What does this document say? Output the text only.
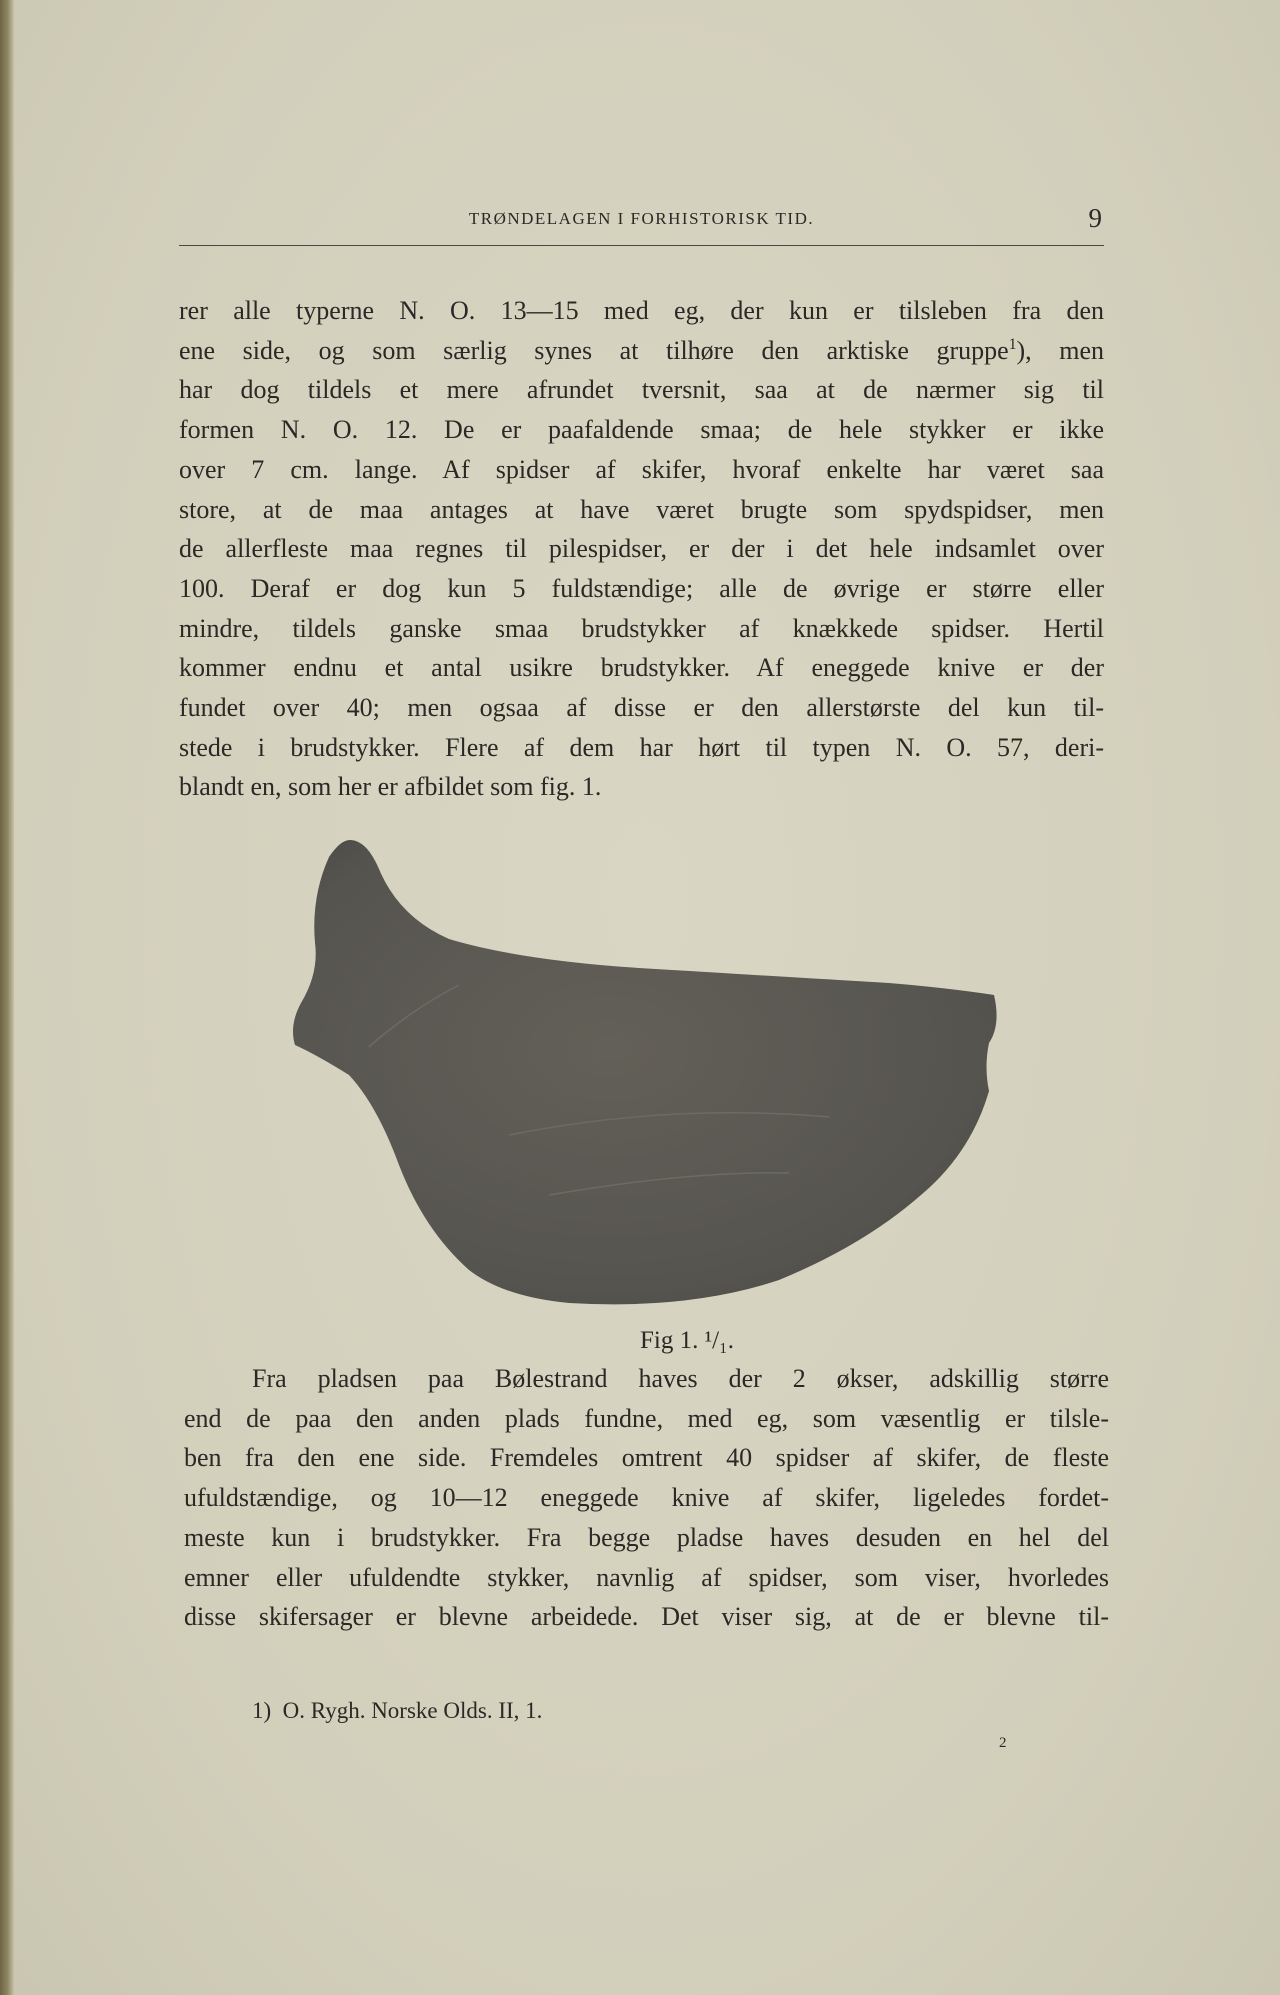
TRØNDELAGEN I FORHISTORISK TID.	9

rer alle typerne N. O. 13—15 med eg, der kun er tilsleben fra den
ene side, og som særlig synes at tilhøre den arktiske gruppe$^1$), men
har dog tildels et mere afrundet tversnit, saa at de nærmer sig til
formen N. O. 12. De er paafaldende smaa; de hele stykker er ikke
over 7 cm. lange. Af spidser af skifer, hvoraf enkelte har været saa
store, at de maa antages at have været brugte som spydspidser, men
de allerfleste maa regnes til pilespidser, er der i det hele indsamlet over
100. Deraf er dog kun 5 fuldstændige; alle de øvrige er større eller
mindre, tildels ganske smaa brudstykker af knækkede spidser. Hertil
kommer endnu et antal usikre brudstykker. Af eneggede knive er der
fundet over 40; men ogsaa af disse er den allerstørste del kun til-
stede i brudstykker. Flere af dem har hørt til typen N. O. 57, deri-
blandt en, som her er afbildet som fig. 1.

Fig 1. ¹/₁.

Fra pladsen paa Bølestrand haves der 2 økser, adskillig større
end de paa den anden plads fundne, med eg, som væsentlig er tilsle-
ben fra den ene side. Fremdeles omtrent 40 spidser af skifer, de fleste
ufuldstændige, og 10—12 eneggede knive af skifer, ligeledes fordet-
meste kun i brudstykker. Fra begge pladse haves desuden en hel del
emner eller ufuldendte stykker, navnlig af spidser, som viser, hvorledes
disse skifersager er blevne arbeidede. Det viser sig, at de er blevne til-

1) O. Rygh. Norske Olds. II, 1.
2
